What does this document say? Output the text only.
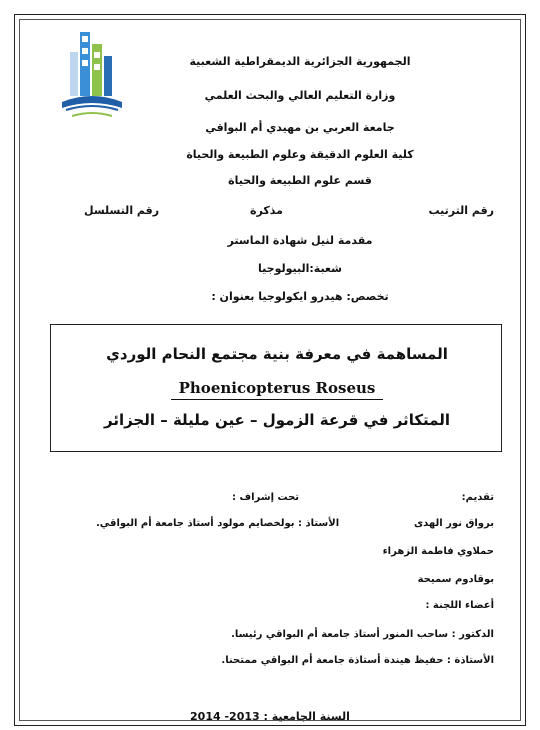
الجمهورية الجزائرية الديمقراطية الشعبية
وزارة التعليم العالي والبحث العلمي
جامعة العربي بن مهيدي أم البواقي
كلية العلوم الدقيقة وعلوم الطبيعة والحياة
قسم علوم الطبيعة والحياة
رقم الترتيب
مذكرة
رقم التسلسل
مقدمة لنيل شهادة الماستر
شعبة:البيولوجيا
تخصص: هيدرو ايكولوجيا بعنوان :
المساهمة في معرفة بنية مجتمع النحام الوردي
Phoenicopterus Roseus
المتكاثر في قرعة الزمول – عين مليلة – الجزائر
تقديم:
تحت إشراف :
برواق نور الهدى
الأستاذ : بولخصايم مولود أستاذ جامعة أم البواقي.
حملاوي فاطمة الزهراء
بوقادوم سميحة
أعضاء اللجنة :
الدكتور : ساحب المنور أستاذ جامعة أم البواقي رئيسا.
الأستاذة : حفيظ هيندة أستاذة جامعة أم البواقي ممتحنا.
السنة الجامعية : 2013- 2014
